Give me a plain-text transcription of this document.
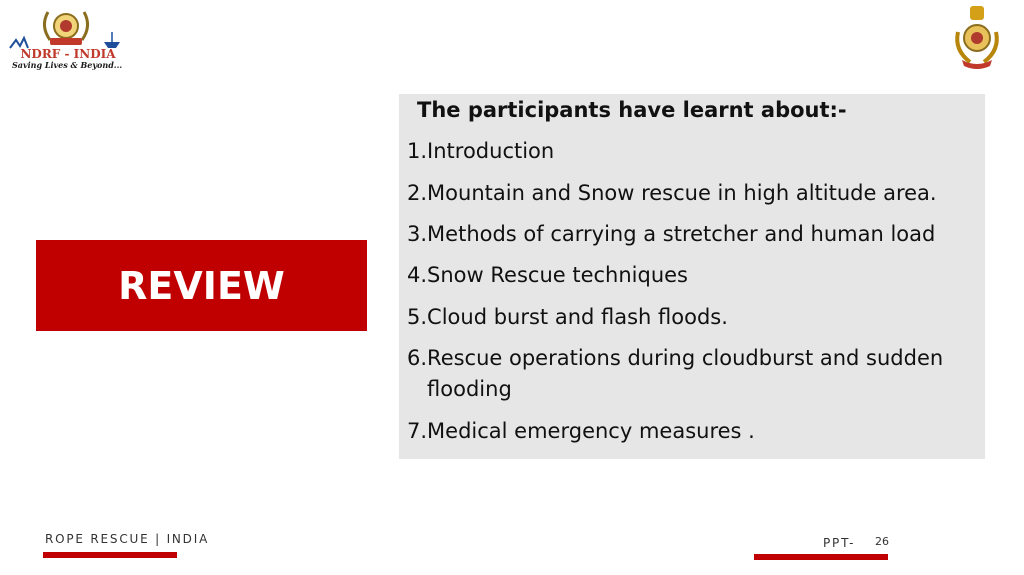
NDRF - INDIA
Saving Lives & Beyond...
REVIEW
The participants have learnt about:-
1.Introduction
2.Mountain and Snow rescue in high altitude area.
3.Methods of carrying a stretcher and human load
4.Snow Rescue techniques
5.Cloud burst and flash floods.
6. Rescue operations during cloudburst and sudden flooding
7.Medical emergency measures .
ROPE RESCUE | INDIA	PPT- 26
